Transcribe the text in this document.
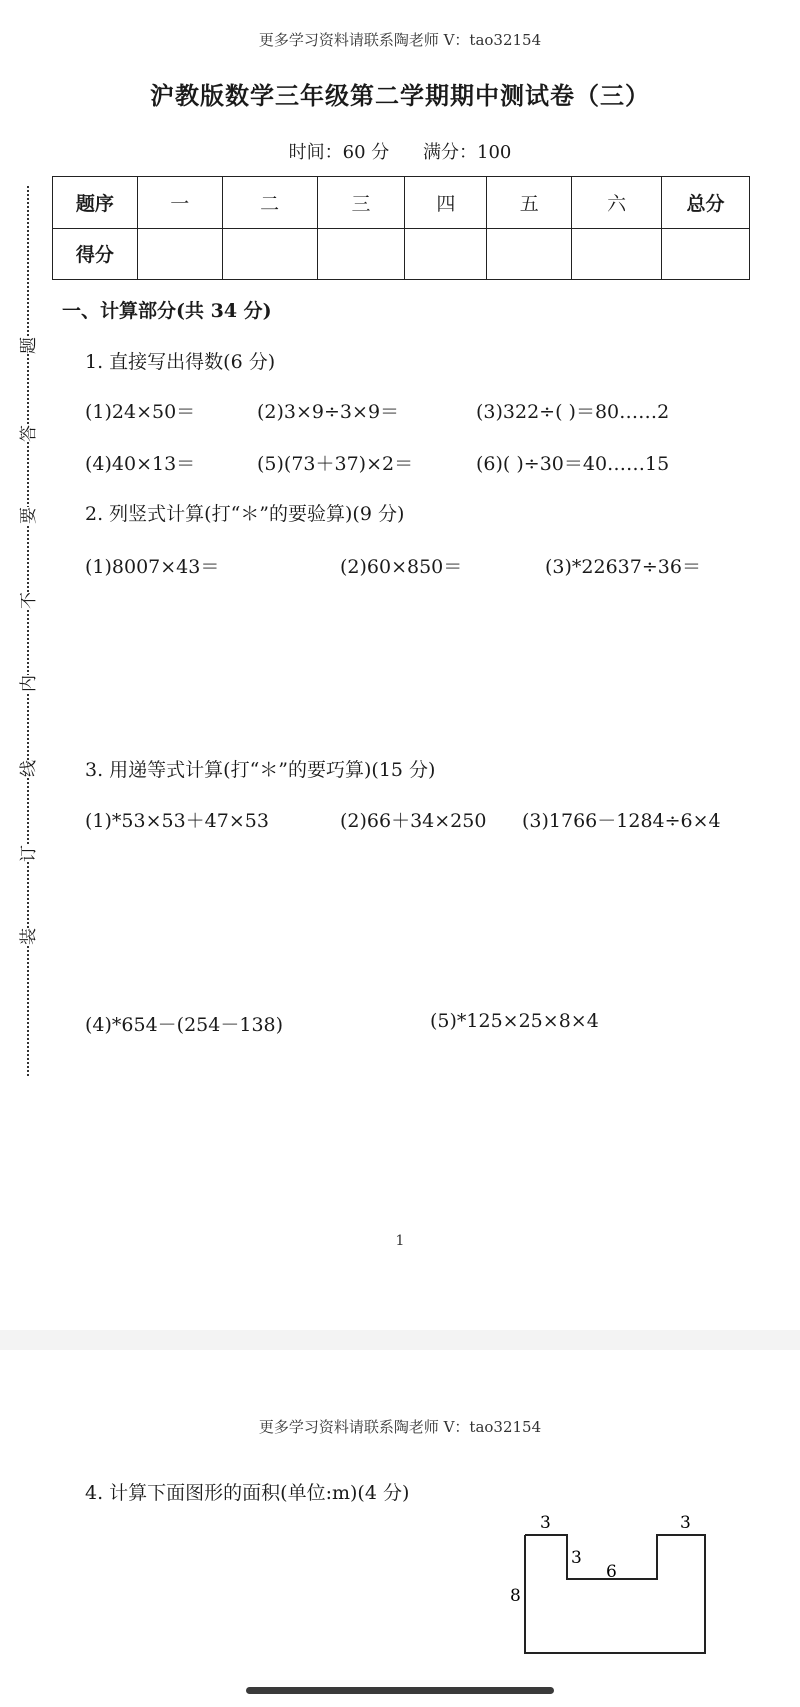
更多学习资料请联系陶老师 V：tao32154
沪教版数学三年级第二学期期中测试卷（三）
时间：60 分 满分：100
题序	一	二	三	四	五	六	总分
得分							
装
订
线
内
不
要
答
题
一、计算部分(共 34 分)
1. 直接写出得数(6 分)
(1)24×50＝	(2)3×9÷3×9＝	(3)322÷( )＝80……2
(4)40×13＝	(5)(73＋37)×2＝	(6)( )÷30＝40……15
2. 列竖式计算(打“＊”的要验算)(9 分)
(1)8007×43＝	(2)60×850＝	(3)*22637÷36＝
3. 用递等式计算(打“＊”的要巧算)(15 分)
(1)*53×53＋47×53	(2)66＋34×250 (3)1766－1284÷6×4
(4)*654－(254－138)	(5)*125×25×8×4
1
更多学习资料请联系陶老师 V：tao32154
4. 计算下面图形的面积(单位:m)(4 分)
3
3
6
3
8
